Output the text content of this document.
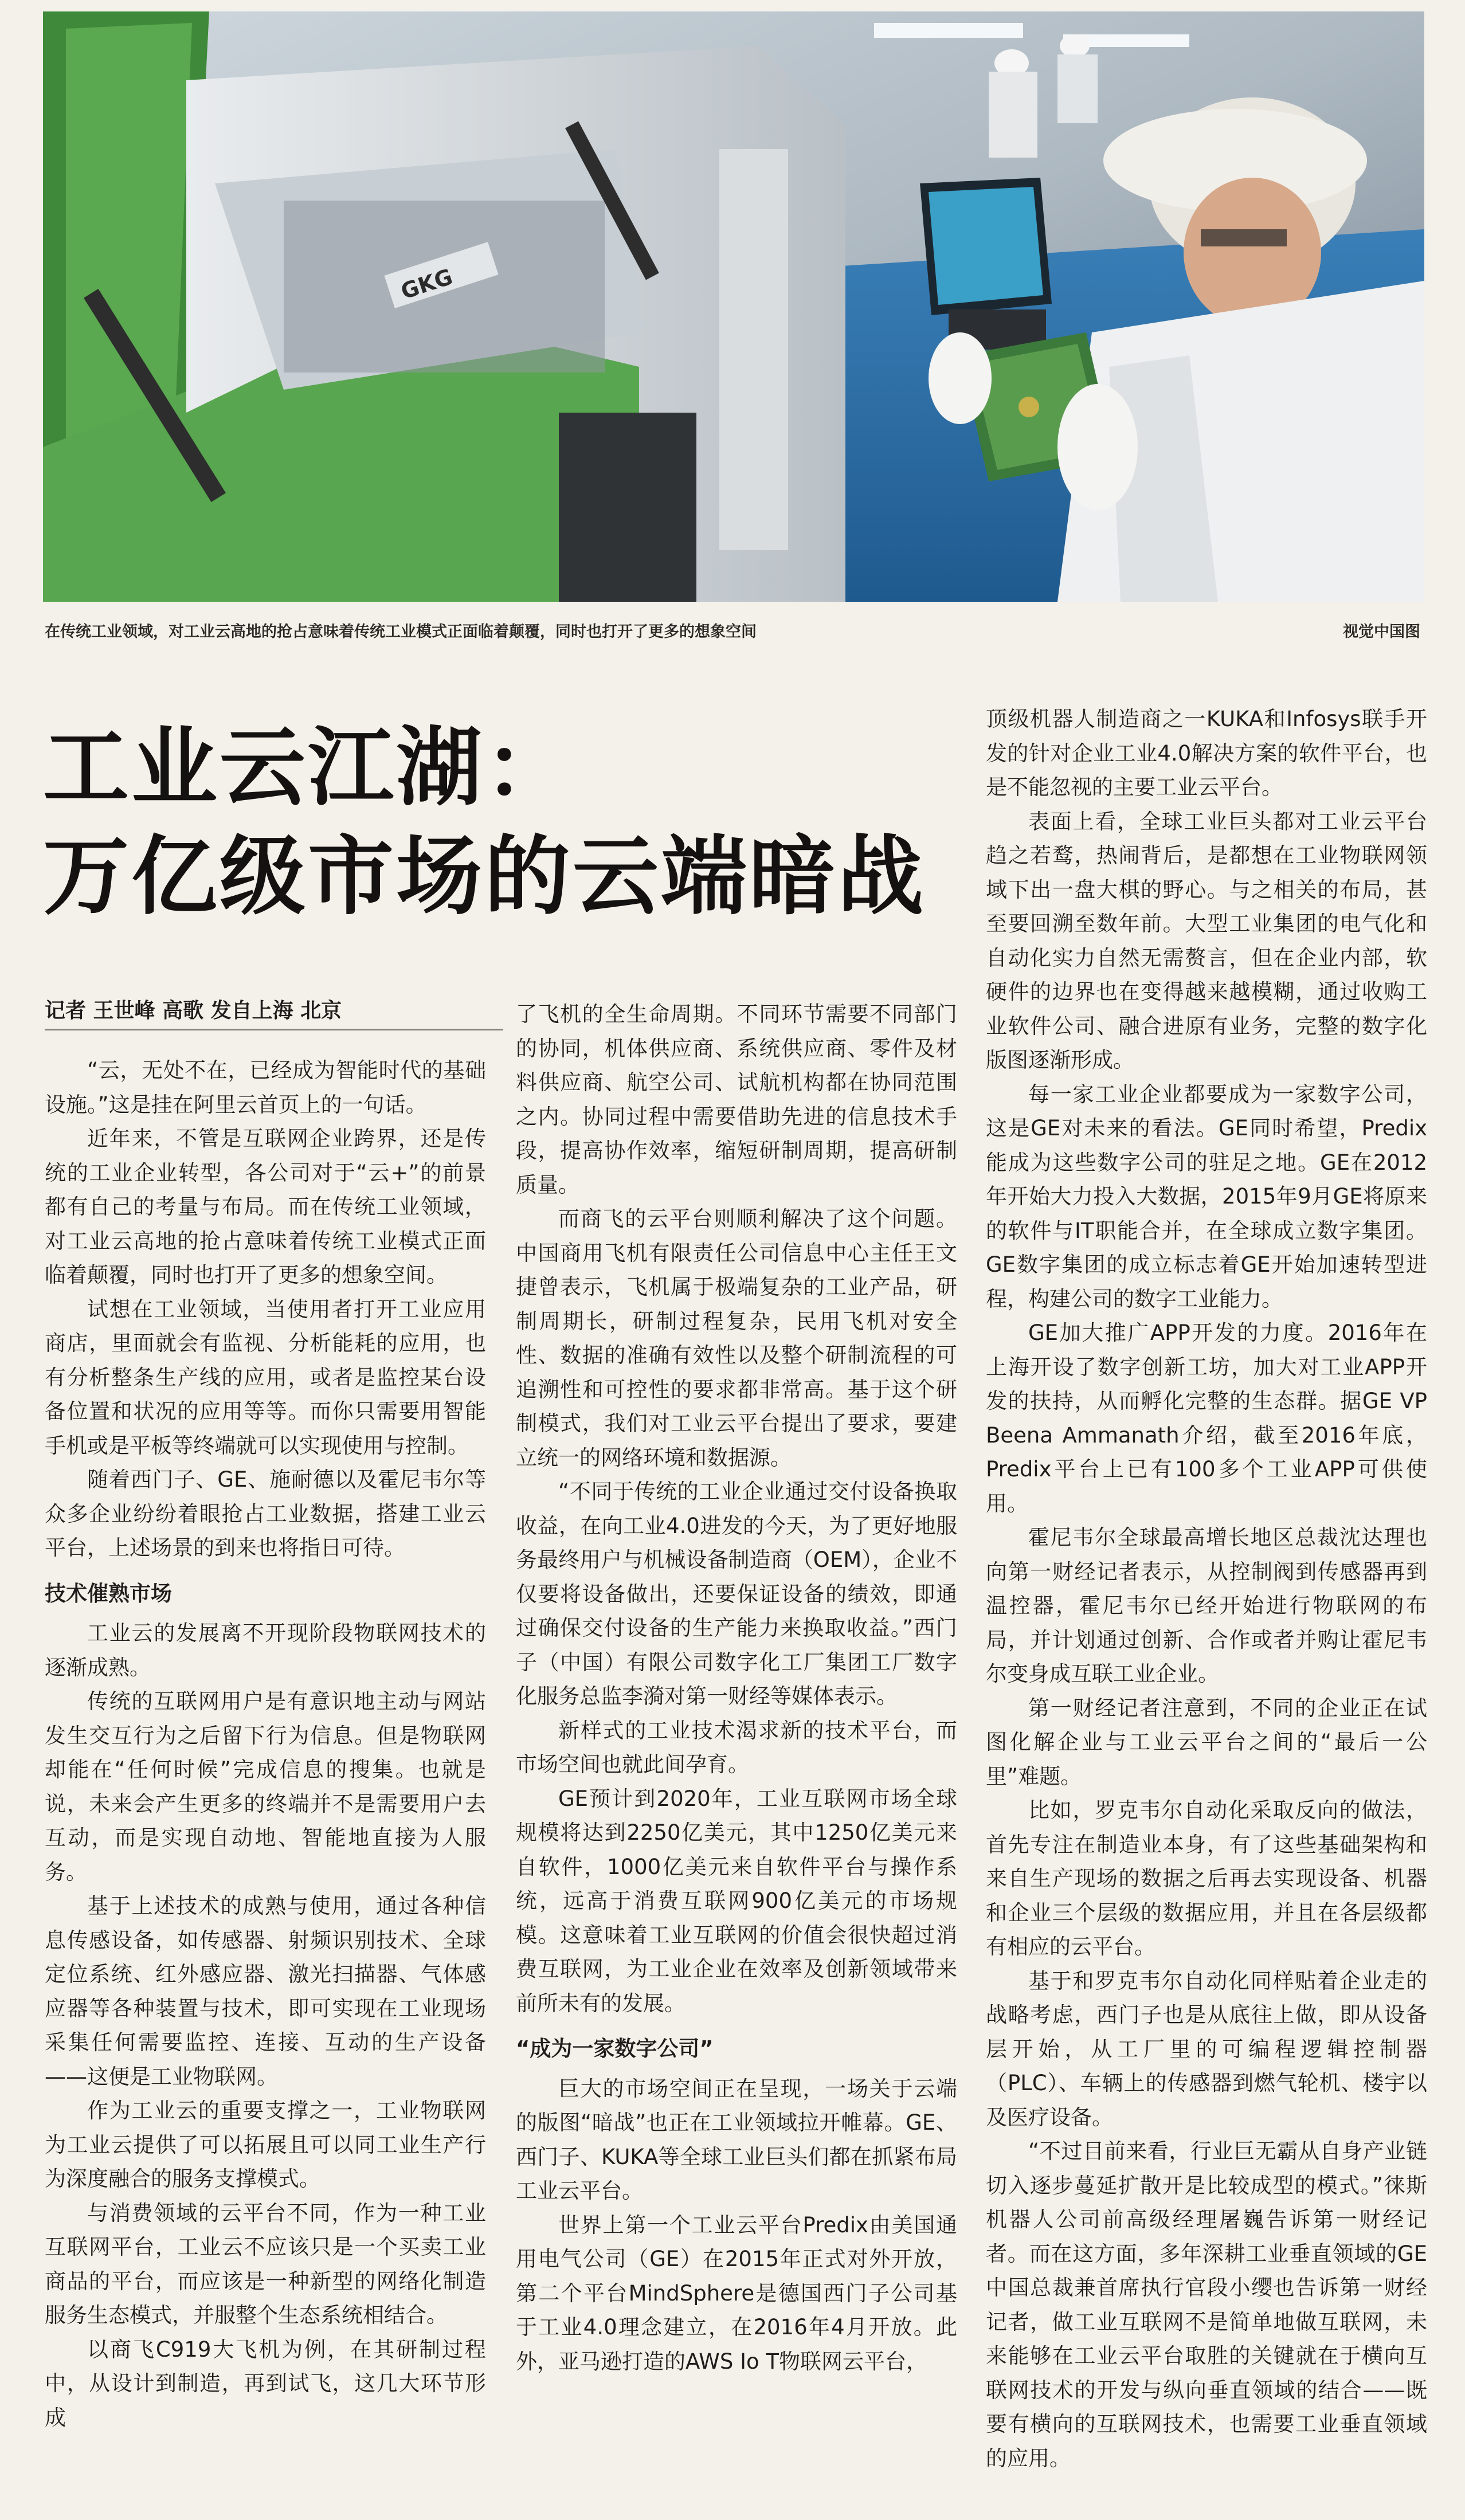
GKG
在传统工业领域，对工业云高地的抢占意味着传统工业模式正面临着颠覆，同时也打开了更多的想象空间	视觉中国图
工业云江湖：
万亿级市场的云端暗战
记者 王世峰 高歌 发自上海 北京

“云，无处不在，已经成为智能时代的基础设施。”这是挂在阿里云首页上的一句话。

近年来，不管是互联网企业跨界，还是传统的工业企业转型，各公司对于“云+”的前景都有自己的考量与布局。而在传统工业领域，对工业云高地的抢占意味着传统工业模式正面临着颠覆，同时也打开了更多的想象空间。

试想在工业领域，当使用者打开工业应用商店，里面就会有监视、分析能耗的应用，也有分析整条生产线的应用，或者是监控某台设备位置和状况的应用等等。而你只需要用智能手机或是平板等终端就可以实现使用与控制。

随着西门子、GE、施耐德以及霍尼韦尔等众多企业纷纷着眼抢占工业数据，搭建工业云平台，上述场景的到来也将指日可待。

技术催熟市场

工业云的发展离不开现阶段物联网技术的逐渐成熟。

传统的互联网用户是有意识地主动与网站发生交互行为之后留下行为信息。但是物联网却能在“任何时候”完成信息的搜集。也就是说，未来会产生更多的终端并不是需要用户去互动，而是实现自动地、智能地直接为人服务。

基于上述技术的成熟与使用，通过各种信息传感设备，如传感器、射频识别技术、全球定位系统、红外感应器、激光扫描器、气体感应器等各种装置与技术，即可实现在工业现场采集任何需要监控、连接、互动的生产设备——这便是工业物联网。

作为工业云的重要支撑之一，工业物联网为工业云提供了可以拓展且可以同工业生产行为深度融合的服务支撑模式。

与消费领域的云平台不同，作为一种工业互联网平台，工业云不应该只是一个买卖工业商品的平台，而应该是一种新型的网络化制造服务生态模式，并服整个生态系统相结合。

以商飞C919大飞机为例，在其研制过程中，从设计到制造，再到试飞，这几大环节形成

了飞机的全生命周期。不同环节需要不同部门的协同，机体供应商、系统供应商、零件及材料供应商、航空公司、试航机构都在协同范围之内。协同过程中需要借助先进的信息技术手段，提高协作效率，缩短研制周期，提高研制质量。

而商飞的云平台则顺利解决了这个问题。中国商用飞机有限责任公司信息中心主任王文捷曾表示，飞机属于极端复杂的工业产品，研制周期长，研制过程复杂，民用飞机对安全性、数据的准确有效性以及整个研制流程的可追溯性和可控性的要求都非常高。基于这个研制模式，我们对工业云平台提出了要求，要建立统一的网络环境和数据源。

“不同于传统的工业企业通过交付设备换取收益，在向工业4.0进发的今天，为了更好地服务最终用户与机械设备制造商（OEM），企业不仅要将设备做出，还要保证设备的绩效，即通过确保交付设备的生产能力来换取收益。”西门子（中国）有限公司数字化工厂集团工厂数字化服务总监李漪对第一财经等媒体表示。

新样式的工业技术渴求新的技术平台，而市场空间也就此间孕育。

GE预计到2020年，工业互联网市场全球规模将达到2250亿美元，其中1250亿美元来自软件，1000亿美元来自软件平台与操作系统，远高于消费互联网900亿美元的市场规模。这意味着工业互联网的价值会很快超过消费互联网，为工业企业在效率及创新领域带来前所未有的发展。

“成为一家数字公司”

巨大的市场空间正在呈现，一场关于云端的版图“暗战”也正在工业领域拉开帷幕。GE、西门子、KUKA等全球工业巨头们都在抓紧布局工业云平台。

世界上第一个工业云平台Predix由美国通用电气公司（GE）在2015年正式对外开放，第二个平台MindSphere是德国西门子公司基于工业4.0理念建立，在2016年4月开放。此外，亚马逊打造的AWS Io T物联网云平台，

顶级机器人制造商之一KUKA和Infosys联手开发的针对企业工业4.0解决方案的软件平台，也是不能忽视的主要工业云平台。

表面上看，全球工业巨头都对工业云平台趋之若鹜，热闹背后，是都想在工业物联网领域下出一盘大棋的野心。与之相关的布局，甚至要回溯至数年前。大型工业集团的电气化和自动化实力自然无需赘言，但在企业内部，软硬件的边界也在变得越来越模糊，通过收购工业软件公司、融合进原有业务，完整的数字化版图逐渐形成。

每一家工业企业都要成为一家数字公司，这是GE对未来的看法。GE同时希望，Predix能成为这些数字公司的驻足之地。GE在2012年开始大力投入大数据，2015年9月GE将原来的软件与IT职能合并，在全球成立数字集团。GE数字集团的成立标志着GE开始加速转型进程，构建公司的数字工业能力。

GE加大推广APP开发的力度。2016年在上海开设了数字创新工坊，加大对工业APP开发的扶持，从而孵化完整的生态群。据GE VP Beena Ammanath介绍，截至2016年底，Predix平台上已有100多个工业APP可供使用。

霍尼韦尔全球最高增长地区总裁沈达理也向第一财经记者表示，从控制阀到传感器再到温控器，霍尼韦尔已经开始进行物联网的布局，并计划通过创新、合作或者并购让霍尼韦尔变身成互联工业企业。

第一财经记者注意到，不同的企业正在试图化解企业与工业云平台之间的“最后一公里”难题。

比如，罗克韦尔自动化采取反向的做法，首先专注在制造业本身，有了这些基础架构和来自生产现场的数据之后再去实现设备、机器和企业三个层级的数据应用，并且在各层级都有相应的云平台。

基于和罗克韦尔自动化同样贴着企业走的战略考虑，西门子也是从底往上做，即从设备层开始，从工厂里的可编程逻辑控制器（PLC）、车辆上的传感器到燃气轮机、楼宇以及医疗设备。

“不过目前来看，行业巨无霸从自身产业链切入逐步蔓延扩散开是比较成型的模式。”徕斯机器人公司前高级经理屠巍告诉第一财经记者。而在这方面，多年深耕工业垂直领域的GE中国总裁兼首席执行官段小缨也告诉第一财经记者，做工业互联网不是简单地做互联网，未来能够在工业云平台取胜的关键就在于横向互联网技术的开发与纵向垂直领域的结合——既要有横向的互联网技术，也需要工业垂直领域的应用。
